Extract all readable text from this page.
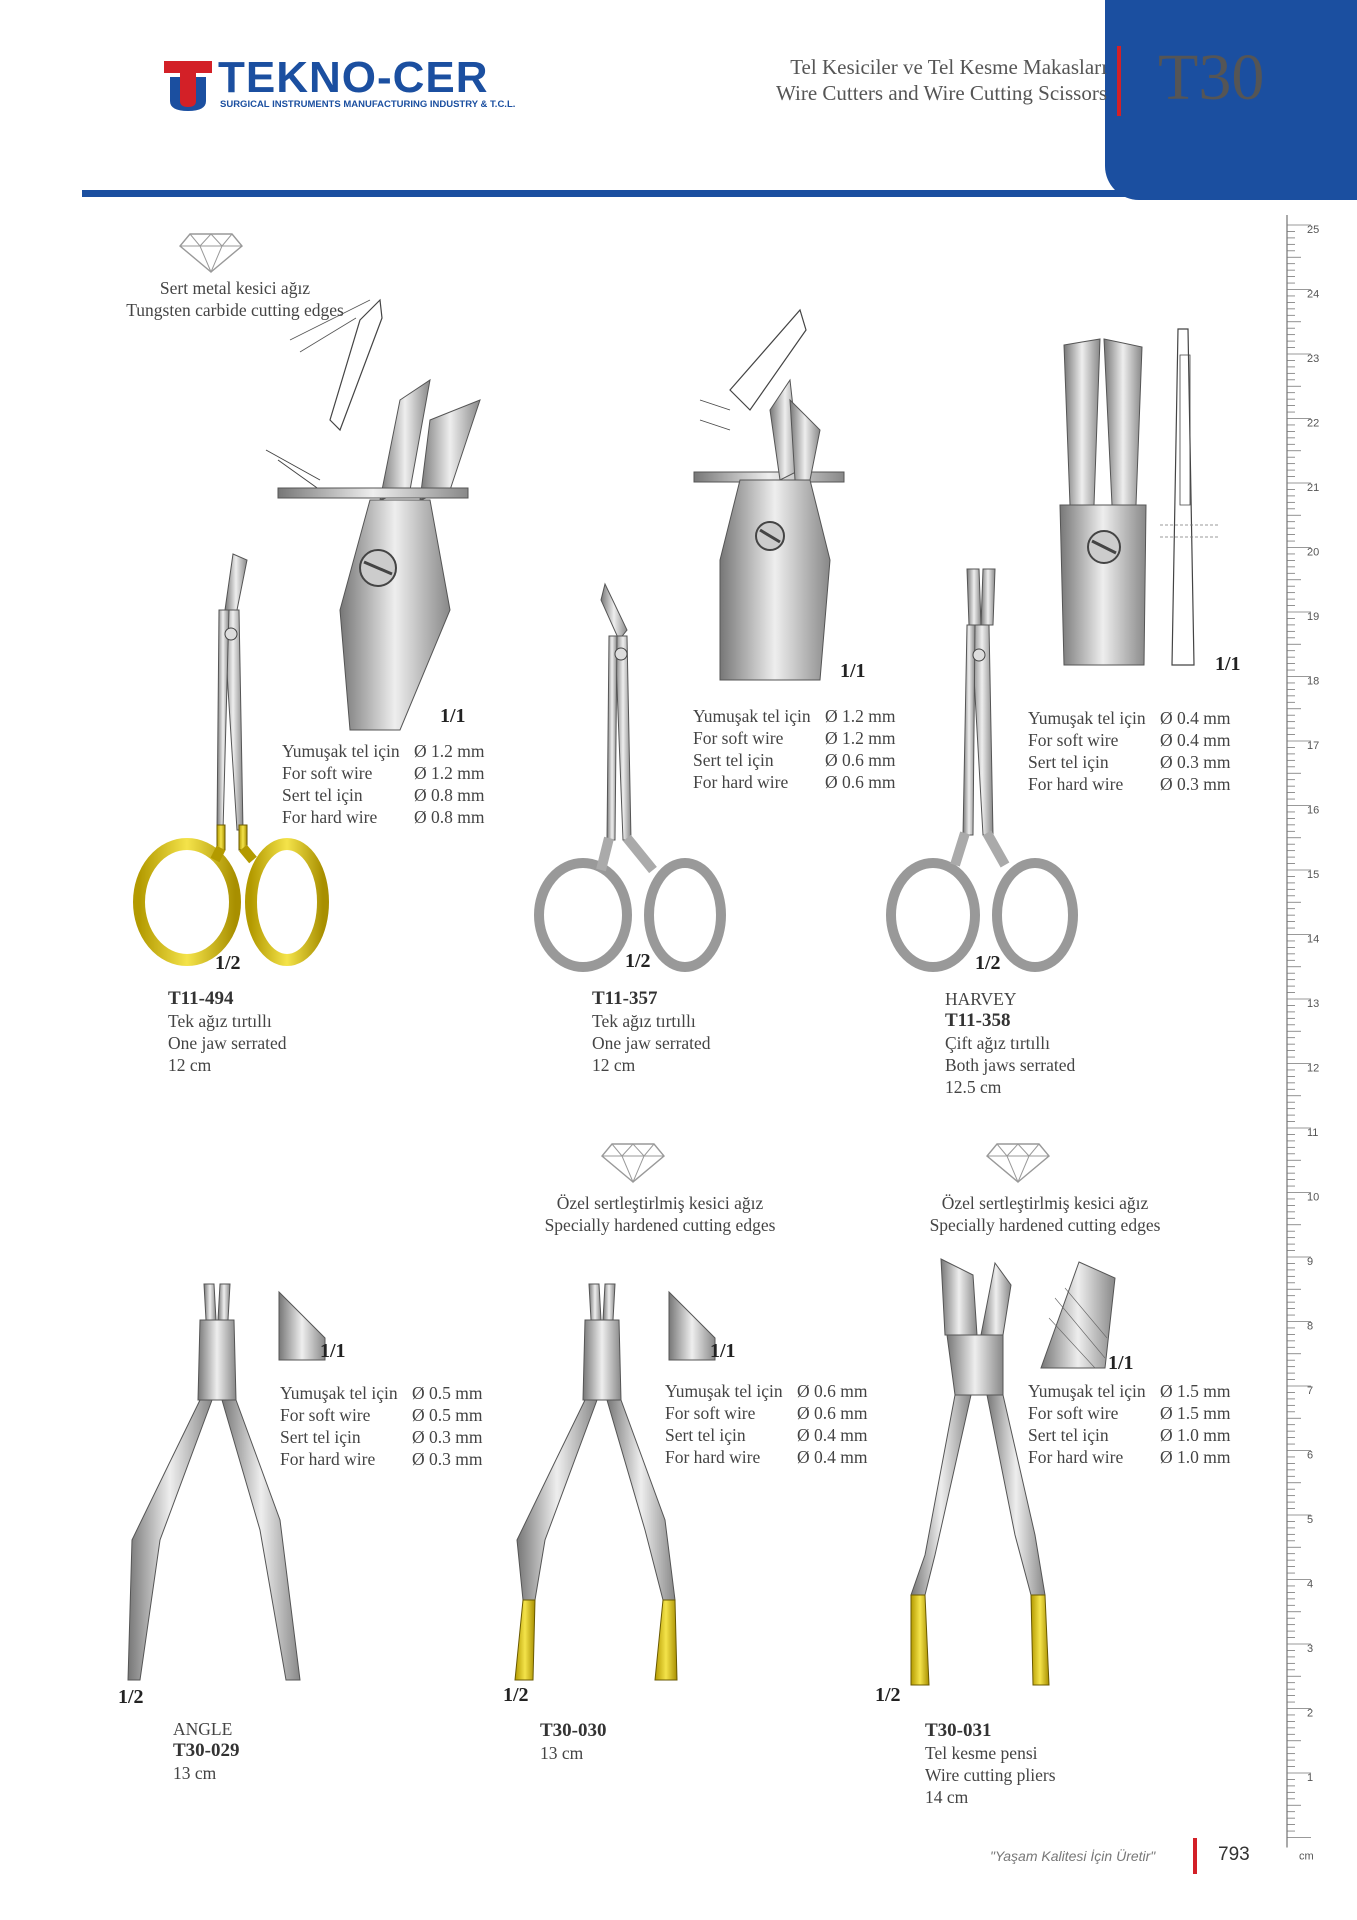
TEKNO-CER
SURGICAL INSTRUMENTS MANUFACTURING INDUSTRY & T.C.L.
Tel Kesiciler ve Tel Kesme Makasları
Wire Cutters and Wire Cutting Scissors T30
25
24
23
22
21
20
19
18
17
16
15
14
13
12
11
10
9
8
7
6
5
4
3
2
1
cm
Sert metal kesici ağız
Tungsten carbide cutting edges
Özel sertleştirlmiş kesici ağız
Specially hardened cutting edges
Özel sertleştirlmiş kesici ağız
Specially hardened cutting edges
1/1
1/1	1/1
1/2	1/2	1/2
1/1	1/1
1/1
1/2	1/2	1/2
Yumuşak tel için Ø 1.2 mm
For soft wire	Ø 1.2 mm
Sert tel için	Ø 0.8 mm
For hard wire	Ø 0.8 mm
Yumuşak tel için Ø 1.2 mm
For soft wire	Ø 1.2 mm
Sert tel için	Ø 0.6 mm
For hard wire	Ø 0.6 mm
Yumuşak tel için Ø 0.4 mm
For soft wire	Ø 0.4 mm
Sert tel için	Ø 0.3 mm
For hard wire	Ø 0.3 mm
Yumuşak tel için Ø 0.5 mm
For soft wire	Ø 0.5 mm
Sert tel için	Ø 0.3 mm
For hard wire	Ø 0.3 mm
Yumuşak tel için Ø 0.6 mm
For soft wire	Ø 0.6 mm
Sert tel için	Ø 0.4 mm
For hard wire	Ø 0.4 mm
Yumuşak tel için Ø 1.5 mm
For soft wire	Ø 1.5 mm
Sert tel için	Ø 1.0 mm
For hard wire	Ø 1.0 mm
T11-494
Tek ağız tırtıllı
One jaw serrated
12 cm
T11-357
Tek ağız tırtıllı
One jaw serrated
12 cm
HARVEY
T11-358
Çift ağız tırtıllı
Both jaws serrated
12.5 cm
ANGLE
T30-029
13 cm
T30-030
13 cm
T30-031
Tel kesme pensi
Wire cutting pliers
14 cm
"Yaşam Kalitesi İçin Üretir"	793
